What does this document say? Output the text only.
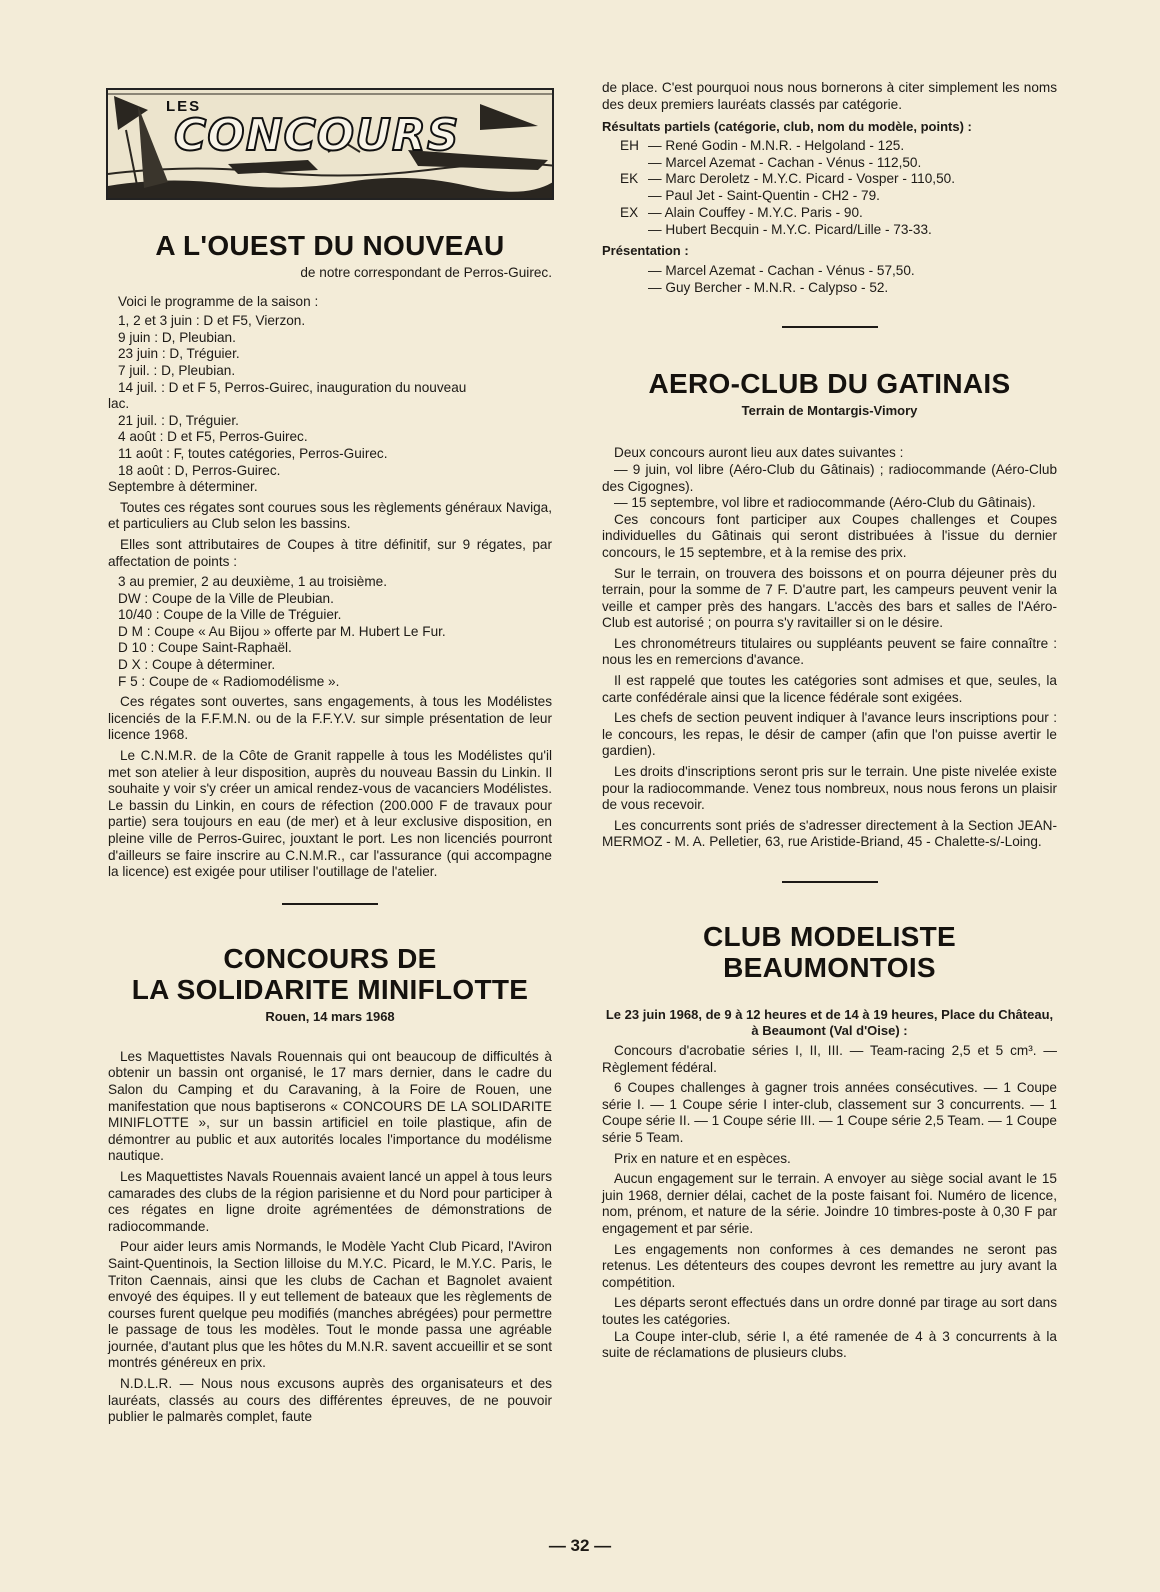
LES
CONCOURS
A L'OUEST DU NOUVEAU
de notre correspondant de Perros-Guirec.
Voici le programme de la saison :
1, 2 et 3 juin : D et F5, Vierzon.
9 juin : D, Pleubian.
23 juin : D, Tréguier.
7 juil. : D, Pleubian.
14 juil. : D et F 5, Perros-Guirec, inauguration du nouveau
lac.
21 juil. : D, Tréguier.
4 août : D et F5, Perros-Guirec.
11 août : F, toutes catégories, Perros-Guirec.
18 août : D, Perros-Guirec.
Septembre à déterminer.

Toutes ces régates sont courues sous les règlements généraux Naviga, et particuliers au Club selon les bassins.

Elles sont attributaires de Coupes à titre définitif, sur 9 régates, par affectation de points :

3 au premier, 2 au deuxième, 1 au troisième.
DW : Coupe de la Ville de Pleubian.
10/40 : Coupe de la Ville de Tréguier.
D M : Coupe « Au Bijou » offerte par M. Hubert Le Fur.
D 10 : Coupe Saint-Raphaël.
D X : Coupe à déterminer.
F 5 : Coupe de « Radiomodélisme ».

Ces régates sont ouvertes, sans engagements, à tous les Modélistes licenciés de la F.F.M.N. ou de la F.F.Y.V. sur simple présentation de leur licence 1968.

Le C.N.M.R. de la Côte de Granit rappelle à tous les Modélistes qu'il met son atelier à leur disposition, auprès du nouveau Bassin du Linkin. Il souhaite y voir s'y créer un amical rendez-vous de vacanciers Modélistes. Le bassin du Linkin, en cours de réfection (200.000 F de travaux pour partie) sera toujours en eau (de mer) et à leur exclusive disposition, en pleine ville de Perros-Guirec, jouxtant le port. Les non licenciés pourront d'ailleurs se faire inscrire au C.N.M.R., car l'assurance (qui accompagne la licence) est exigée pour utiliser l'outillage de l'atelier.

CONCOURS DE
LA SOLIDARITE MINIFLOTTE
Rouen, 14 mars 1968

Les Maquettistes Navals Rouennais qui ont beaucoup de difficultés à obtenir un bassin ont organisé, le 17 mars dernier, dans le cadre du Salon du Camping et du Caravaning, à la Foire de Rouen, une manifestation que nous baptiserons « CONCOURS DE LA SOLIDARITE MINIFLOTTE », sur un bassin artificiel en toile plastique, afin de démontrer au public et aux autorités locales l'importance du modélisme nautique.

Les Maquettistes Navals Rouennais avaient lancé un appel à tous leurs camarades des clubs de la région parisienne et du Nord pour participer à ces régates en ligne droite agrémentées de démonstrations de radiocommande.

Pour aider leurs amis Normands, le Modèle Yacht Club Picard, l'Aviron Saint-Quentinois, la Section lilloise du M.Y.C. Picard, le M.Y.C. Paris, le Triton Caennais, ainsi que les clubs de Cachan et Bagnolet avaient envoyé des équipes. Il y eut tellement de bateaux que les règlements de courses furent quelque peu modifiés (manches abrégées) pour permettre le passage de tous les modèles. Tout le monde passa une agréable journée, d'autant plus que les hôtes du M.N.R. savent accueillir et se sont montrés généreux en prix.

N.D.L.R. — Nous nous excusons auprès des organisateurs et des lauréats, classés au cours des différentes épreuves, de ne pouvoir publier le palmarès complet, faute

de place. C'est pourquoi nous nous bornerons à citer simplement les noms des deux premiers lauréats classés par catégorie.

Résultats partiels (catégorie, club, nom du modèle, points) :
EH — René Godin - M.N.R. - Helgoland - 125.
— Marcel Azemat - Cachan - Vénus - 112,50.
EK — Marc Deroletz - M.Y.C. Picard - Vosper - 110,50.
— Paul Jet - Saint-Quentin - CH2 - 79.
EX — Alain Couffey - M.Y.C. Paris - 90.
— Hubert Becquin - M.Y.C. Picard/Lille - 73-33.
Présentation :
— Marcel Azemat - Cachan - Vénus - 57,50.
— Guy Bercher - M.N.R. - Calypso - 52.
AERO-CLUB DU GATINAIS
Terrain de Montargis-Vimory

Deux concours auront lieu aux dates suivantes :

— 9 juin, vol libre (Aéro-Club du Gâtinais) ; radiocommande (Aéro-Club des Cigognes).

— 15 septembre, vol libre et radiocommande (Aéro-Club du Gâtinais).

Ces concours font participer aux Coupes challenges et Coupes individuelles du Gâtinais qui seront distribuées à l'issue du dernier concours, le 15 septembre, et à la remise des prix.

Sur le terrain, on trouvera des boissons et on pourra déjeuner près du terrain, pour la somme de 7 F. D'autre part, les campeurs peuvent venir la veille et camper près des hangars. L'accès des bars et salles de l'Aéro-Club est autorisé ; on pourra s'y ravitailler si on le désire.

Les chronométreurs titulaires ou suppléants peuvent se faire connaître : nous les en remercions d'avance.

Il est rappelé que toutes les catégories sont admises et que, seules, la carte confédérale ainsi que la licence fédérale sont exigées.

Les chefs de section peuvent indiquer à l'avance leurs inscriptions pour : le concours, les repas, le désir de camper (afin que l'on puisse avertir le gardien).

Les droits d'inscriptions seront pris sur le terrain. Une piste nivelée existe pour la radiocommande. Venez tous nombreux, nous nous ferons un plaisir de vous recevoir.

Les concurrents sont priés de s'adresser directement à la Section JEAN-MERMOZ - M. A. Pelletier, 63, rue Aristide-Briand, 45 - Chalette-s/-Loing.

CLUB MODELISTE
BEAUMONTOIS
Le 23 juin 1968, de 9 à 12 heures et de 14 à 19 heures, Place du Château, à Beaumont (Val d'Oise) :

Concours d'acrobatie séries I, II, III. — Team-racing 2,5 et 5 cm³. — Règlement fédéral.

6 Coupes challenges à gagner trois années consécutives. — 1 Coupe série I. — 1 Coupe série I inter-club, classement sur 3 concurrents. — 1 Coupe série II. — 1 Coupe série III. — 1 Coupe série 2,5 Team. — 1 Coupe série 5 Team.

Prix en nature et en espèces.

Aucun engagement sur le terrain. A envoyer au siège social avant le 15 juin 1968, dernier délai, cachet de la poste faisant foi. Numéro de licence, nom, prénom, et nature de la série. Joindre 10 timbres-poste à 0,30 F par engagement et par série.

Les engagements non conformes à ces demandes ne seront pas retenus. Les détenteurs des coupes devront les remettre au jury avant la compétition.

Les départs seront effectués dans un ordre donné par tirage au sort dans toutes les catégories.

La Coupe inter-club, série I, a été ramenée de 4 à 3 concurrents à la suite de réclamations de plusieurs clubs.

— 32 —
